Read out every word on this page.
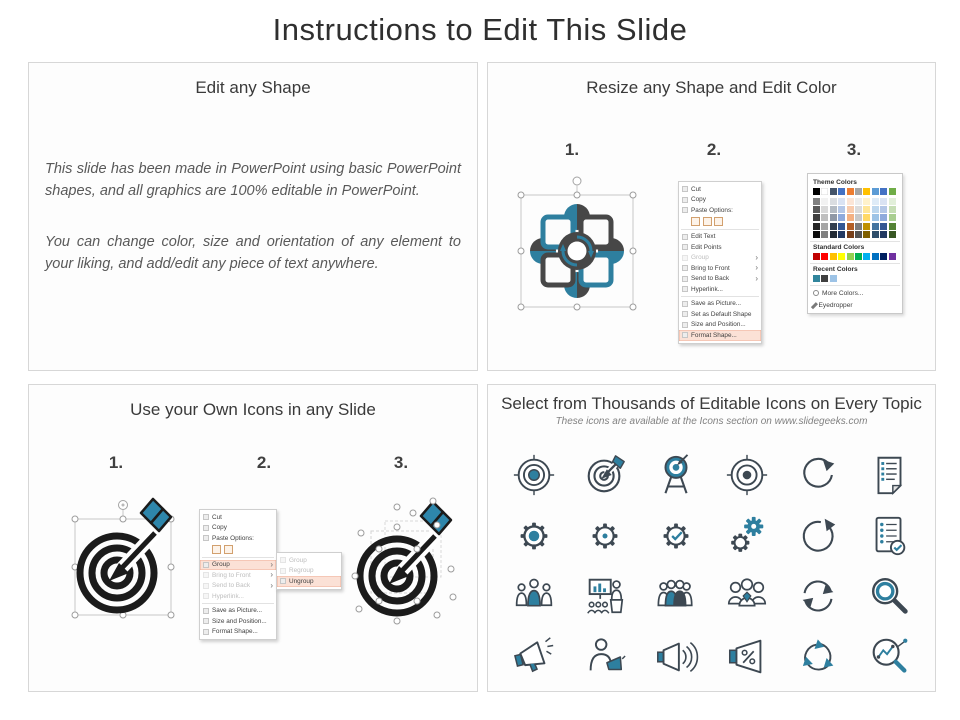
Instructions to Edit This Slide
Edit any Shape

This slide has been made in PowerPoint using basic PowerPoint shapes, and all graphics are 100% editable in PowerPoint.

You can change color, size and orientation of any element to your liking, and add/edit any piece of text anywhere.

Resize any Shape and Edit Color
1.	2.	3.
Cut
Copy
Paste Options:
Edit Text
Edit Points
Group	›
Bring to Front	›
Send to Back	›
Hyperlink...
Save as Picture...
Set as Default Shape
Size and Position...
Format Shape...
Theme Colors
Standard Colors
Recent Colors
More Colors...
Eyedropper
Use your Own Icons in any Slide
1.	2.	3.
Cut
Copy
Paste Options:
Group	›
Bring to Front	›
Send to Back	›
Hyperlink...
Save as Picture...
Size and Position...
Format Shape...
Group
Regroup
Ungroup
Select from Thousands of Editable Icons on Every Topic
These icons are available at the Icons section on www.slidegeeks.com
